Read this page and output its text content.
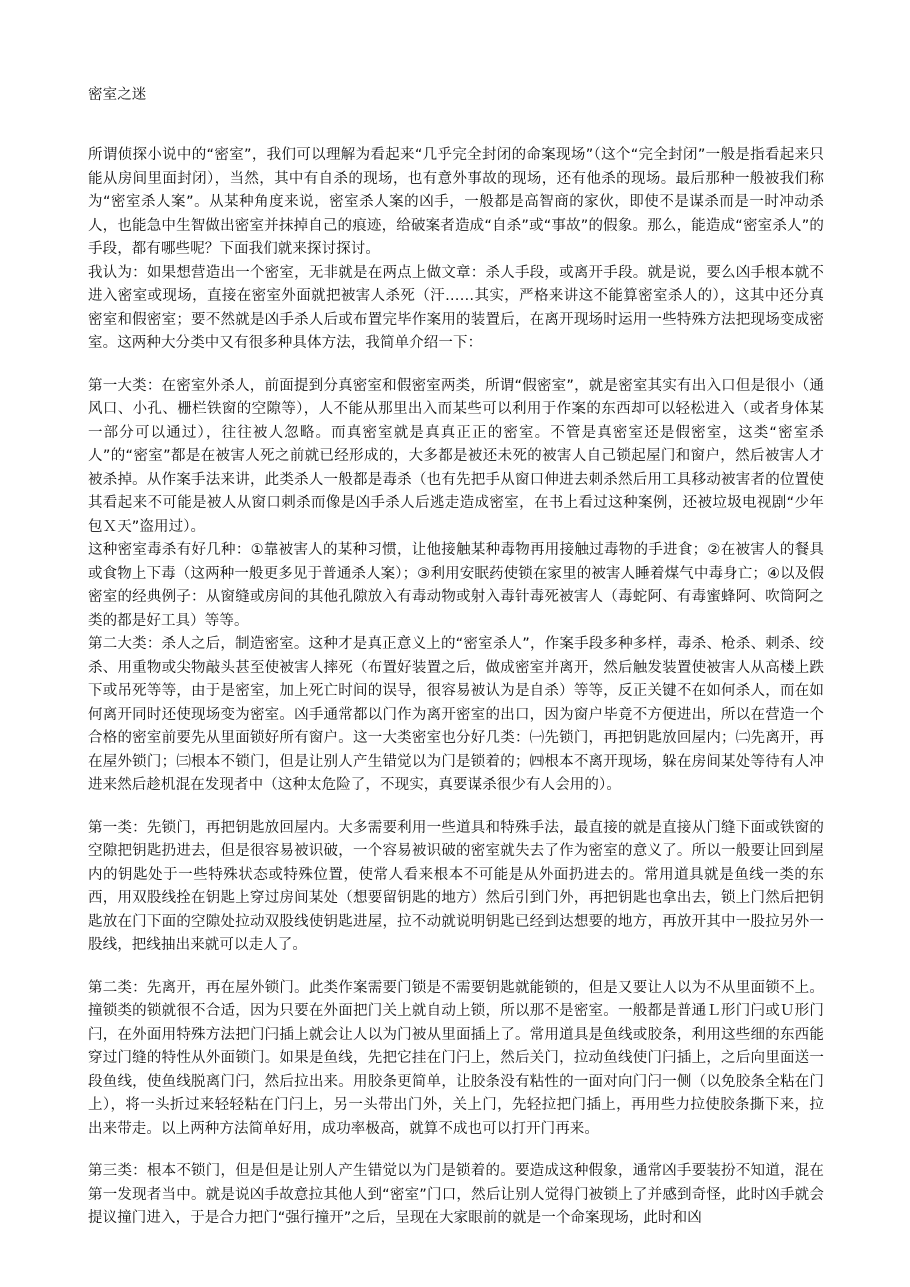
密室之迷

所谓侦探小说中的“密室”，我们可以理解为看起来“几乎完全封闭的命案现场”（这个“完全封闭”一般是指看起来只能从房间里面封闭），当然，其中有自杀的现场，也有意外事故的现场，还有他杀的现场。最后那种一般被我们称为“密室杀人案”。从某种角度来说，密室杀人案的凶手，一般都是高智商的家伙，即使不是谋杀而是一时冲动杀人，也能急中生智做出密室并抹掉自己的痕迹，给破案者造成“自杀”或“事故”的假象。那么，能造成“密室杀人”的手段，都有哪些呢？下面我们就来探讨探讨。

我认为：如果想营造出一个密室，无非就是在两点上做文章：杀人手段，或离开手段。就是说，要么凶手根本就不进入密室或现场，直接在密室外面就把被害人杀死（汗……其实，严格来讲这不能算密室杀人的），这其中还分真密室和假密室；要不然就是凶手杀人后或布置完毕作案用的装置后，在离开现场时运用一些特殊方法把现场变成密室。这两种大分类中又有很多种具体方法，我简单介绍一下：

第一大类：在密室外杀人，前面提到分真密室和假密室两类，所谓“假密室”，就是密室其实有出入口但是很小（通风口、小孔、栅栏铁窗的空隙等），人不能从那里出入而某些可以利用于作案的东西却可以轻松进入（或者身体某一部分可以通过），往往被人忽略。而真密室就是真真正正的密室。不管是真密室还是假密室，这类“密室杀人”的“密室”都是在被害人死之前就已经形成的，大多都是被还未死的被害人自己锁起屋门和窗户，然后被害人才被杀掉。从作案手法来讲，此类杀人一般都是毒杀（也有先把手从窗口伸进去刺杀然后用工具移动被害者的位置使其看起来不可能是被人从窗口刺杀而像是凶手杀人后逃走造成密室，在书上看过这种案例，还被垃圾电视剧“少年包Ｘ天”盗用过）。

这种密室毒杀有好几种：①靠被害人的某种习惯，让他接触某种毒物再用接触过毒物的手进食；②在被害人的餐具或食物上下毒（这两种一般更多见于普通杀人案）；③利用安眠药使锁在家里的被害人睡着煤气中毒身亡；④以及假密室的经典例子：从窗缝或房间的其他孔隙放入有毒动物或射入毒针毒死被害人（毒蛇阿、有毒蜜蜂阿、吹筒阿之类的都是好工具）等等。

第二大类：杀人之后，制造密室。这种才是真正意义上的“密室杀人”，作案手段多种多样，毒杀、枪杀、刺杀、绞杀、用重物或尖物敲头甚至使被害人摔死（布置好装置之后，做成密室并离开，然后触发装置使被害人从高楼上跌下或吊死等等，由于是密室，加上死亡时间的误导，很容易被认为是自杀）等等，反正关键不在如何杀人，而在如何离开同时还使现场变为密室。凶手通常都以门作为离开密室的出口，因为窗户毕竟不方便进出，所以在营造一个合格的密室前要先从里面锁好所有窗户。这一大类密室也分好几类：㈠先锁门，再把钥匙放回屋内；㈡先离开，再在屋外锁门；㈢根本不锁门，但是让别人产生错觉以为门是锁着的；㈣根本不离开现场，躲在房间某处等待有人冲进来然后趁机混在发现者中（这种太危险了，不现实，真要谋杀很少有人会用的）。

第一类：先锁门，再把钥匙放回屋内。大多需要利用一些道具和特殊手法，最直接的就是直接从门缝下面或铁窗的空隙把钥匙扔进去，但是很容易被识破，一个容易被识破的密室就失去了作为密室的意义了。所以一般要让回到屋内的钥匙处于一些特殊状态或特殊位置，使常人看来根本不可能是从外面扔进去的。常用道具就是鱼线一类的东西，用双股线拴在钥匙上穿过房间某处（想要留钥匙的地方）然后引到门外，再把钥匙也拿出去，锁上门然后把钥匙放在门下面的空隙处拉动双股线使钥匙进屋，拉不动就说明钥匙已经到达想要的地方，再放开其中一股拉另外一股线，把线抽出来就可以走人了。

第二类：先离开，再在屋外锁门。此类作案需要门锁是不需要钥匙就能锁的，但是又要让人以为不从里面锁不上。撞锁类的锁就很不合适，因为只要在外面把门关上就自动上锁，所以那不是密室。一般都是普通Ｌ形门闩或Ｕ形门闩，在外面用特殊方法把门闩插上就会让人以为门被从里面插上了。常用道具是鱼线或胶条，利用这些细的东西能穿过门缝的特性从外面锁门。如果是鱼线，先把它挂在门闩上，然后关门，拉动鱼线使门闩插上，之后向里面送一段鱼线，使鱼线脱离门闩，然后拉出来。用胶条更简单，让胶条没有粘性的一面对向门闩一侧（以免胶条全粘在门上），将一头折过来轻轻粘在门闩上，另一头带出门外，关上门，先轻拉把门插上，再用些力拉使胶条撕下来，拉出来带走。以上两种方法简单好用，成功率极高，就算不成也可以打开门再来。

第三类：根本不锁门，但是但是让别人产生错觉以为门是锁着的。要造成这种假象，通常凶手要装扮不知道，混在第一发现者当中。就是说凶手故意拉其他人到“密室”门口，然后让别人觉得门被锁上了并感到奇怪，此时凶手就会提议撞门进入，于是合力把门“强行撞开”之后，呈现在大家眼前的就是一个命案现场，此时和凶
